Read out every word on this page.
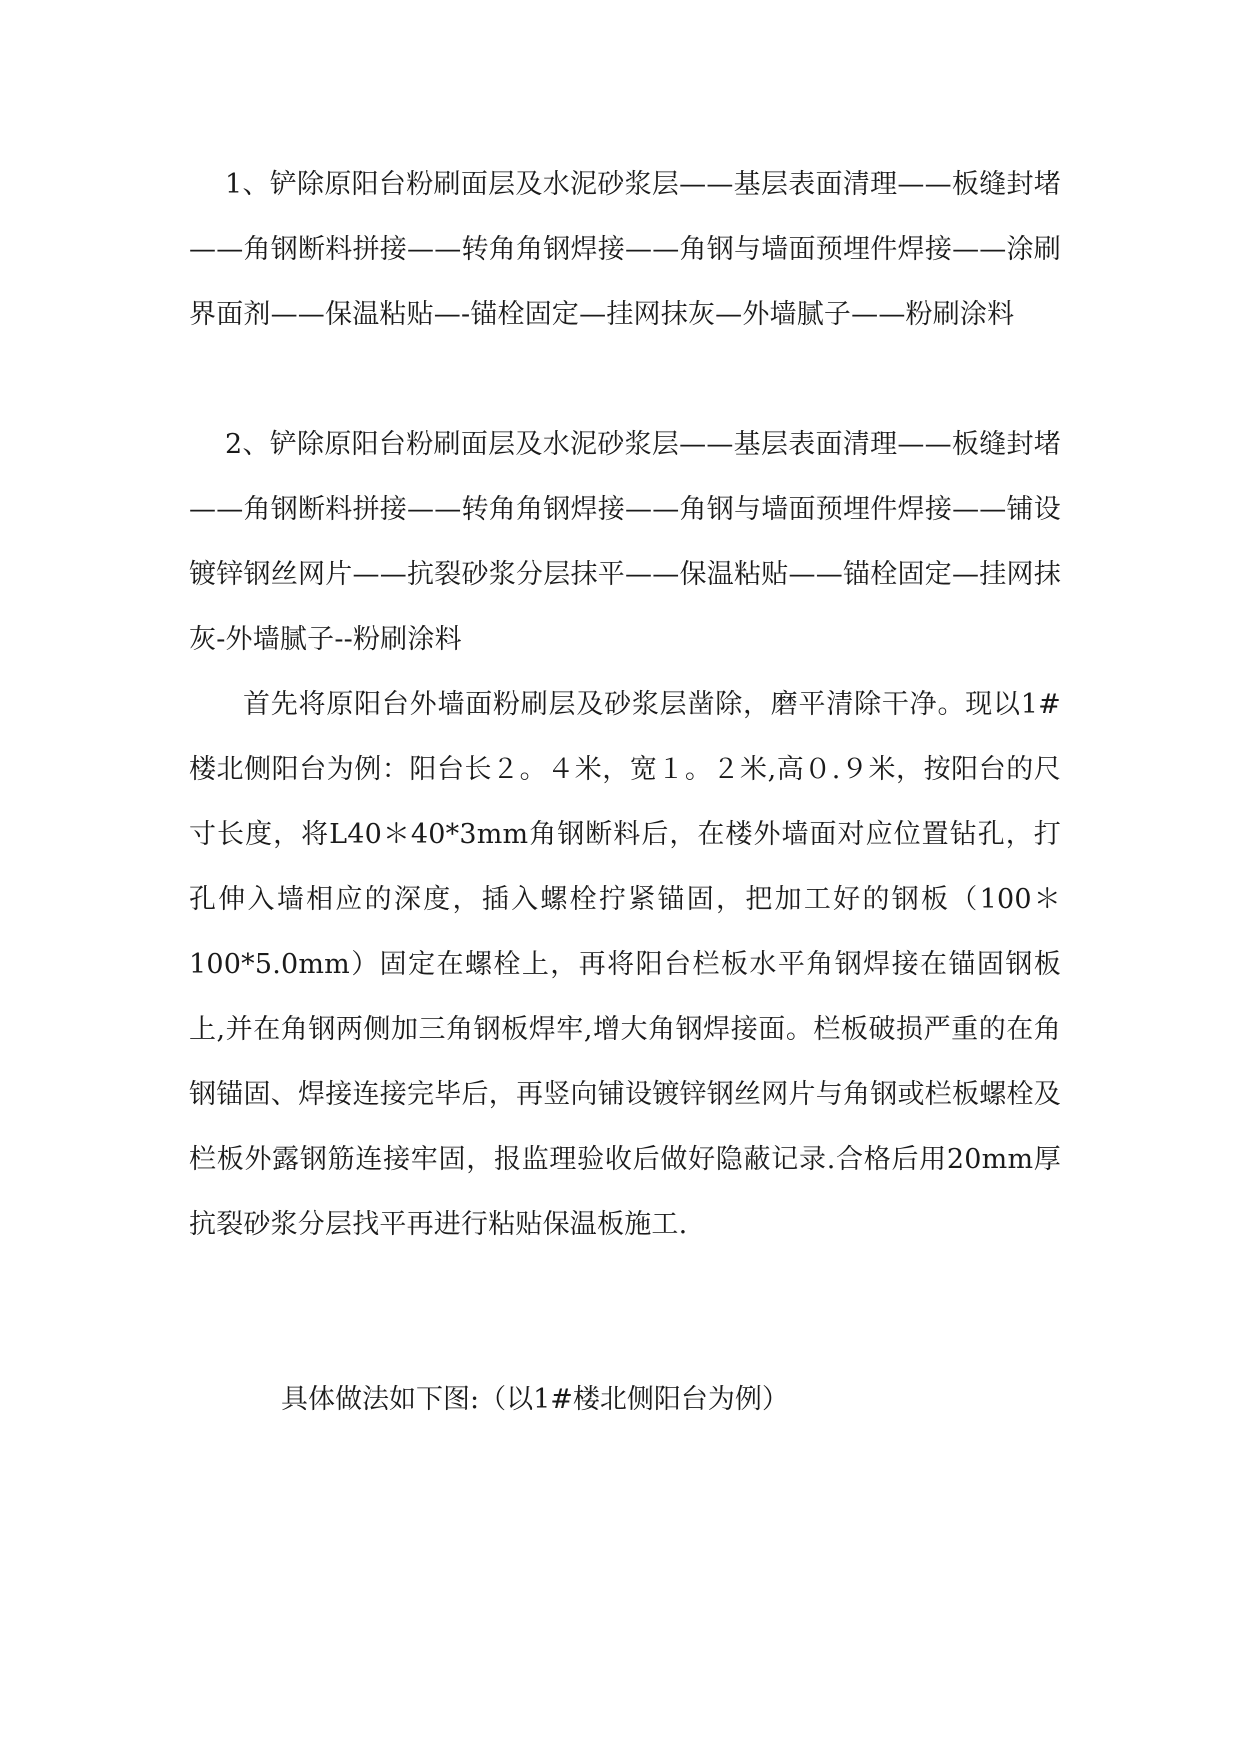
1、铲除原阳台粉刷面层及水泥砂浆层——基层表面清理——板缝封堵——角钢断料拼接——转角角钢焊接——角钢与墙面预埋件焊接——涂刷界面剂——保温粘贴—-锚栓固定—挂网抹灰—外墙腻子——粉刷涂料

2、铲除原阳台粉刷面层及水泥砂浆层——基层表面清理——板缝封堵——角钢断料拼接——转角角钢焊接——角钢与墙面预埋件焊接——铺设镀锌钢丝网片——抗裂砂浆分层抹平——保温粘贴——锚栓固定—挂网抹灰-外墙腻子--粉刷涂料

首先将原阳台外墙面粉刷层及砂浆层凿除，磨平清除干净。现以1#楼北侧阳台为例：阳台长２。４米，宽１。２米,高０.９米，按阳台的尺寸长度，将L40＊40*3mm角钢断料后，在楼外墙面对应位置钻孔，打孔伸入墙相应的深度，插入螺栓拧紧锚固，把加工好的钢板（100＊100*5.0mm）固定在螺栓上，再将阳台栏板水平角钢焊接在锚固钢板上,并在角钢两侧加三角钢板焊牢,增大角钢焊接面。栏板破损严重的在角钢锚固、焊接连接完毕后，再竖向铺设镀锌钢丝网片与角钢或栏板螺栓及栏板外露钢筋连接牢固，报监理验收后做好隐蔽记录.合格后用20mm厚抗裂砂浆分层找平再进行粘贴保温板施工.

具体做法如下图:（以1#楼北侧阳台为例）
